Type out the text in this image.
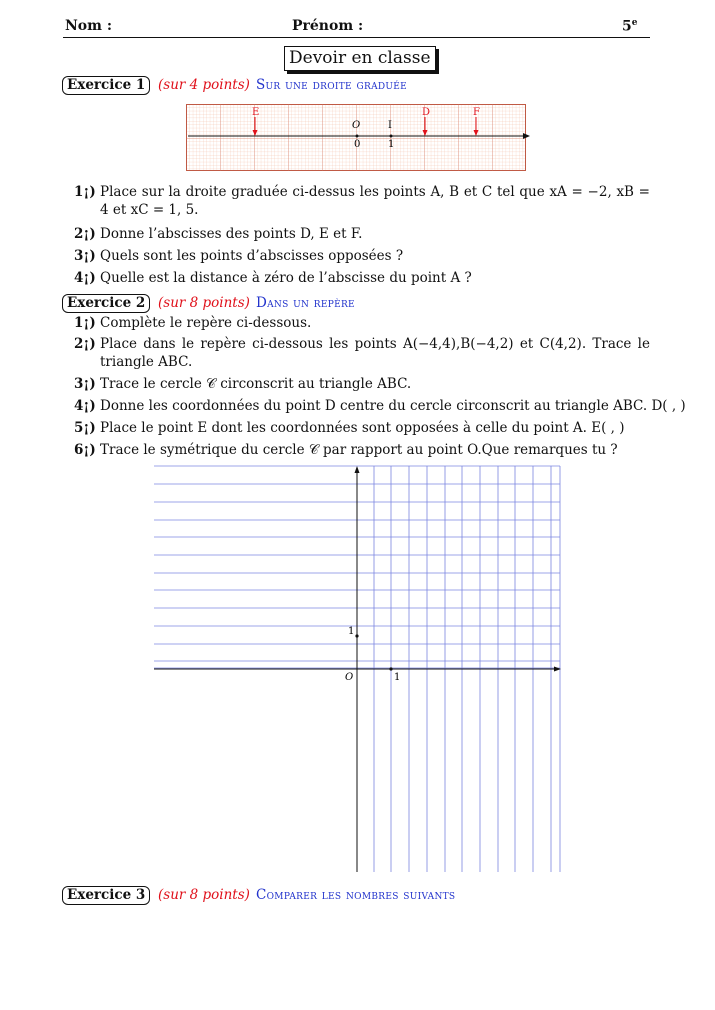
Nom :	Prénom :	5e
Devoir en classe
Exercice 1 (sur 4 points) Sur une droite graduée
O	I
0	1
E	D	F
1¡) Place sur la droite graduée ci-dessus les points A, B et C tel que xA = −2, xB = 4 et xC = 1, 5.
2¡) Donne l’abscisses des points D, E et F.
3¡) Quels sont les points d’abscisses opposées ?
4¡) Quelle est la distance à zéro de l’abscisse du point A ?
Exercice 2 (sur 8 points) Dans un repère
1¡) Complète le repère ci-dessous.
2¡) Place dans le repère ci-dessous les points A(−4,4),B(−4,2) et C(4,2). Trace le triangle ABC.
3¡) Trace le cercle 𝒞 circonscrit au triangle ABC.
4¡) Donne les coordonnées du point D centre du cercle circonscrit au triangle ABC. D( , )
5¡) Place le point E dont les coordonnées sont opposées à celle du point A. E( , )
6¡) Trace le symétrique du cercle 𝒞 par rapport au point O.Que remarques tu ?
1
1
O
Exercice 3 (sur 8 points) Comparer les nombres suivants
